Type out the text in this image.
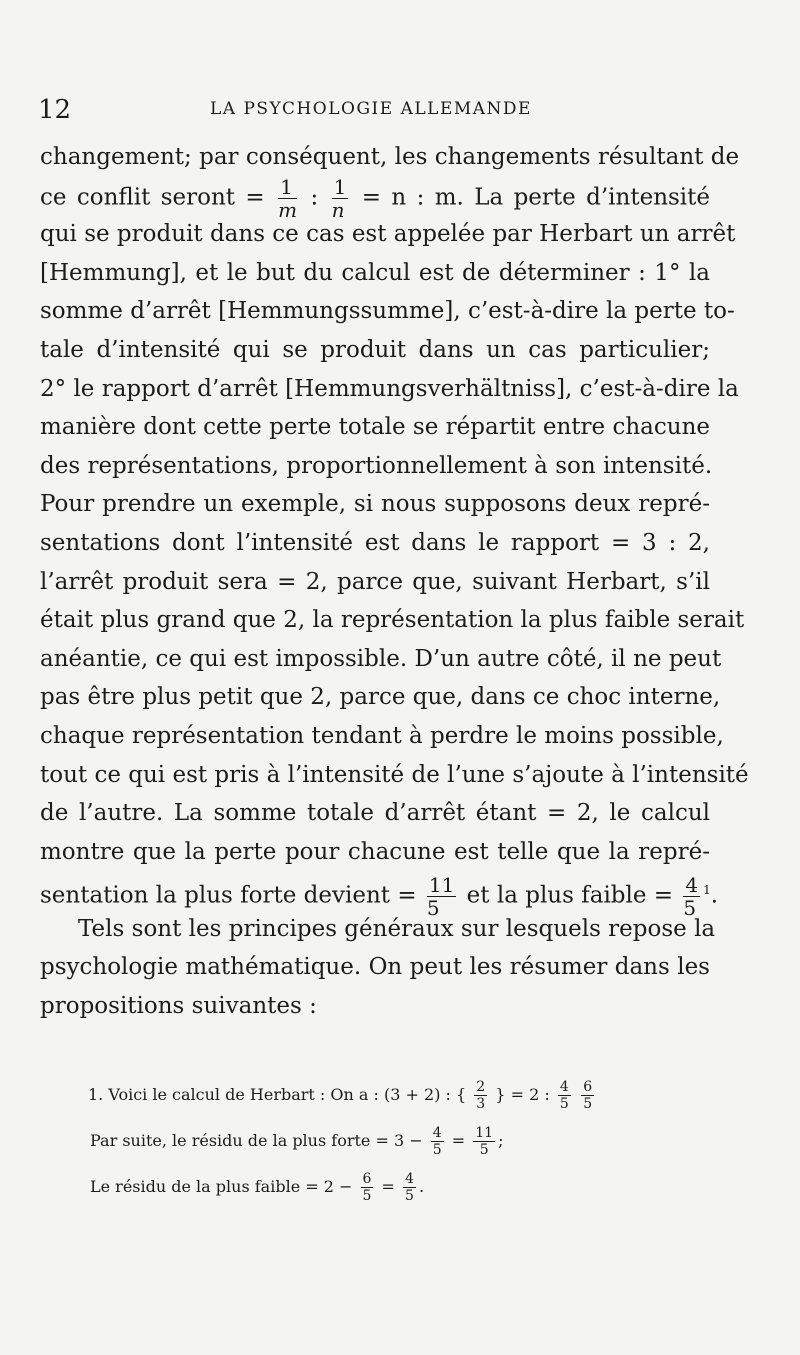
12	LA PSYCHOLOGIE ALLEMANDE
changement; par conséquent, les changements résultant de
ce conflit seront = $\frac{1}{m}$ : $\frac{1}{n} = n$ : m. La perte d’intensité
qui se produit dans ce cas est appelée par Herbart un arrêt
[Hemmung], et le but du calcul est de déterminer : 1° la
somme d’arrêt [Hemmungssumme], c’est-à-dire la perte to-
tale d’intensité qui se produit dans un cas particulier;
2° le rapport d’arrêt [Hemmungsverhältniss], c’est-à-dire la
manière dont cette perte totale se répartit entre chacune
des représentations, proportionnellement à son intensité.
Pour prendre un exemple, si nous supposons deux repré-
sentations dont l’intensité est dans le rapport = 3 : 2,
l’arrêt produit sera = 2, parce que, suivant Herbart, s’il
était plus grand que 2, la représentation la plus faible serait
anéantie, ce qui est impossible. D’un autre côté, il ne peut
pas être plus petit que 2, parce que, dans ce choc interne,
chaque représentation tendant à perdre le moins possible,
tout ce qui est pris à l’intensité de l’une s’ajoute à l’intensité
de l’autre. La somme totale d’arrêt étant = 2, le calcul
montre que la perte pour chacune est telle que la repré-
sentation la plus forte devient = $\frac{11}{5}$ et la plus faible = $\frac{4}{5} ^1$.
Tels sont les principes généraux sur lesquels repose la
psychologie mathématique. On peut les résumer dans les
propositions suivantes :
1. Voici le calcul de Herbart : On a : (3 + 2) : { $\frac{2}{3}$ } = 2 : $\frac{4}{5}$
$\frac{6}{5}$
Par suite, le résidu de la plus forte = $3 - \frac{4}{5} = \frac{11}{5}$ ;
Le résidu de la plus faible = $2 - \frac{6}{5} = \frac{4}{5}$ .
